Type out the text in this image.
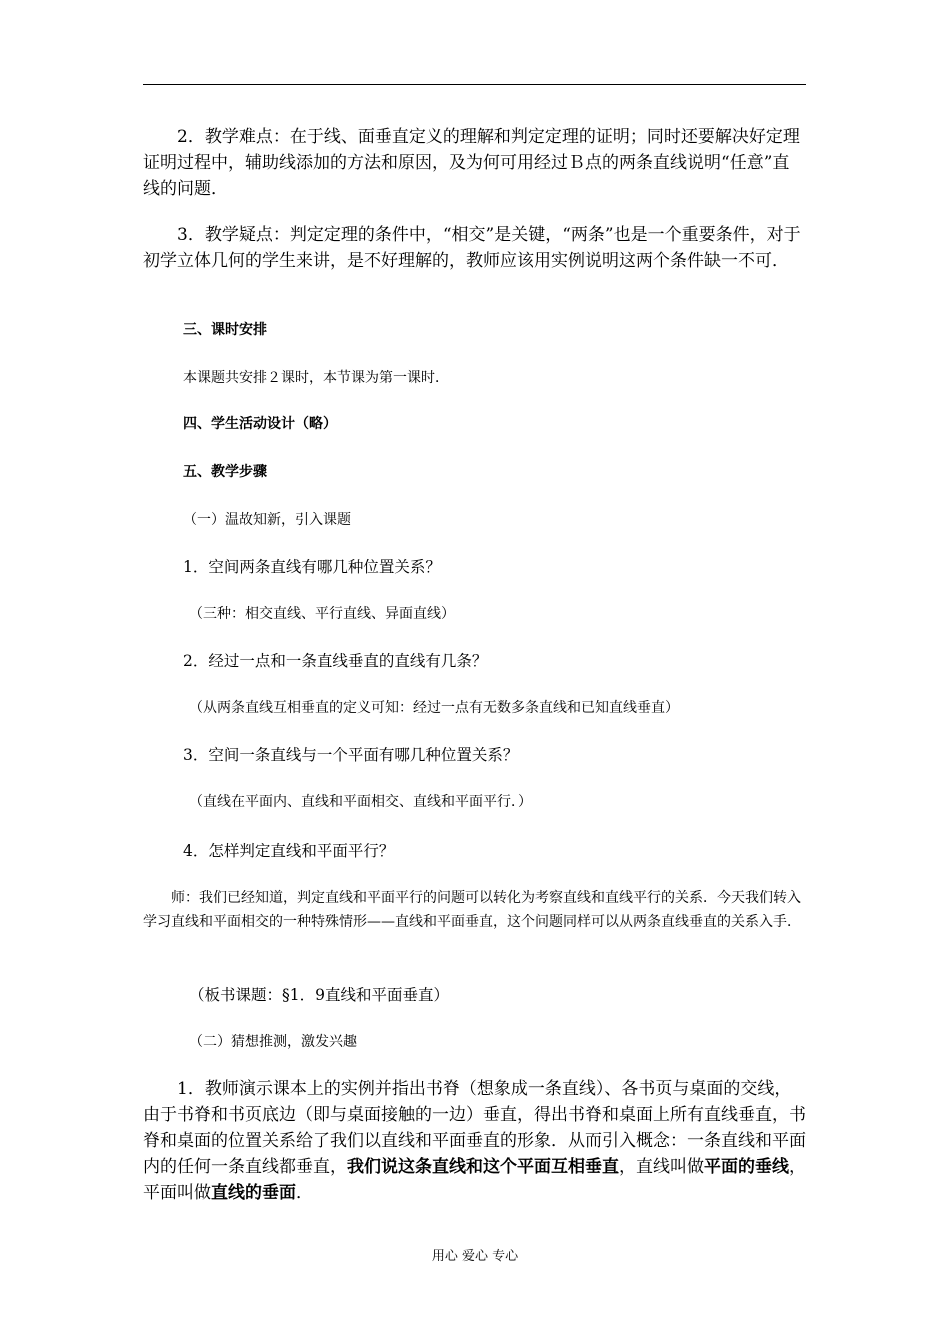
2．教学难点：在于线、面垂直定义的理解和判定定理的证明；同时还要解决好定理证明过程中，辅助线添加的方法和原因，及为何可用经过Ｂ点的两条直线说明“任意”直线的问题．

3．教学疑点：判定定理的条件中，“相交”是关键，“两条”也是一个重要条件，对于初学立体几何的学生来讲，是不好理解的，教师应该用实例说明这两个条件缺一不可．

三、课时安排

本课题共安排２课时，本节课为第一课时．

四、学生活动设计（略）

五、教学步骤

（一）温故知新，引入课题

1．空间两条直线有哪几种位置关系？

（三种：相交直线、平行直线、异面直线）

2．经过一点和一条直线垂直的直线有几条？

（从两条直线互相垂直的定义可知：经过一点有无数多条直线和已知直线垂直）

3．空间一条直线与一个平面有哪几种位置关系？

（直线在平面内、直线和平面相交、直线和平面平行．）

4．怎样判定直线和平面平行？

师：我们已经知道，判定直线和平面平行的问题可以转化为考察直线和直线平行的关系．今天我们转入学习直线和平面相交的一种特殊情形——直线和平面垂直，这个问题同样可以从两条直线垂直的关系入手．

（板书课题：§1．9直线和平面垂直）

（二）猜想推测，激发兴趣

1．教师演示课本上的实例并指出书脊（想象成一条直线）、各书页与桌面的交线，由于书脊和书页底边（即与桌面接触的一边）垂直，得出书脊和桌面上所有直线垂直，书脊和桌面的位置关系给了我们以直线和平面垂直的形象．从而引入概念：一条直线和平面内的任何一条直线都垂直，我们说这条直线和这个平面互相垂直，直线叫做平面的垂线，平面叫做直线的垂面．

用心 爱心 专心
